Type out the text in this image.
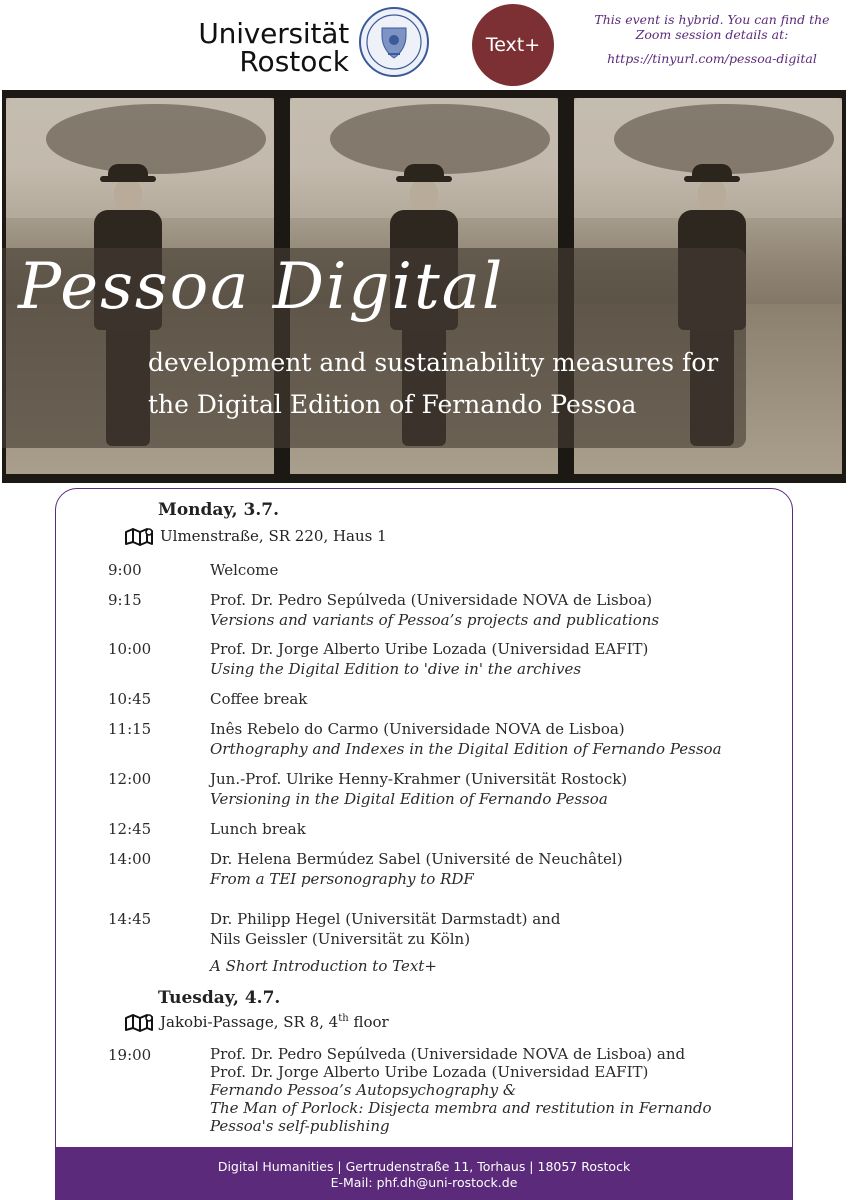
Universität
Rostock	Text+
This event is hybrid. You can find the Zoom session details at:
https://tinyurl.com/pessoa-digital
Pessoa Digital
development and sustainability measures for
the Digital Edition of Fernando Pessoa
Monday, 3.7.
Ulmenstraße, SR 220, Haus 1
9:00	Welcome
9:15	Prof. Dr. Pedro Sepúlveda (Universidade NOVA de Lisboa)
Versions and variants of Pessoa’s projects and publications
10:00	Prof. Dr. Jorge Alberto Uribe Lozada (Universidad EAFIT)
Using the Digital Edition to 'dive in' the archives
10:45	Coffee break
11:15	Inês Rebelo do Carmo (Universidade NOVA de Lisboa)
Orthography and Indexes in the Digital Edition of Fernando Pessoa
12:00	Jun.-Prof. Ulrike Henny-Krahmer (Universität Rostock)
Versioning in the Digital Edition of Fernando Pessoa
12:45	Lunch break
14:00	Dr. Helena Bermúdez Sabel (Université de Neuchâtel)
From a TEI personography to RDF
14:45	Dr. Philipp Hegel (Universität Darmstadt) and
Nils Geissler (Universität zu Köln)
A Short Introduction to Text+
Tuesday, 4.7.
Jakobi-Passage, SR 8, 4th floor
19:00	Prof. Dr. Pedro Sepúlveda (Universidade NOVA de Lisboa) and
Prof. Dr. Jorge Alberto Uribe Lozada (Universidad EAFIT)
Fernando Pessoa’s Autopsychography &
The Man of Porlock: Disjecta membra and restitution in Fernando
Pessoa's self-publishing
Digital Humanities | Gertrudenstraße 11, Torhaus | 18057 Rostock
E-Mail: phf.dh@uni-rostock.de
